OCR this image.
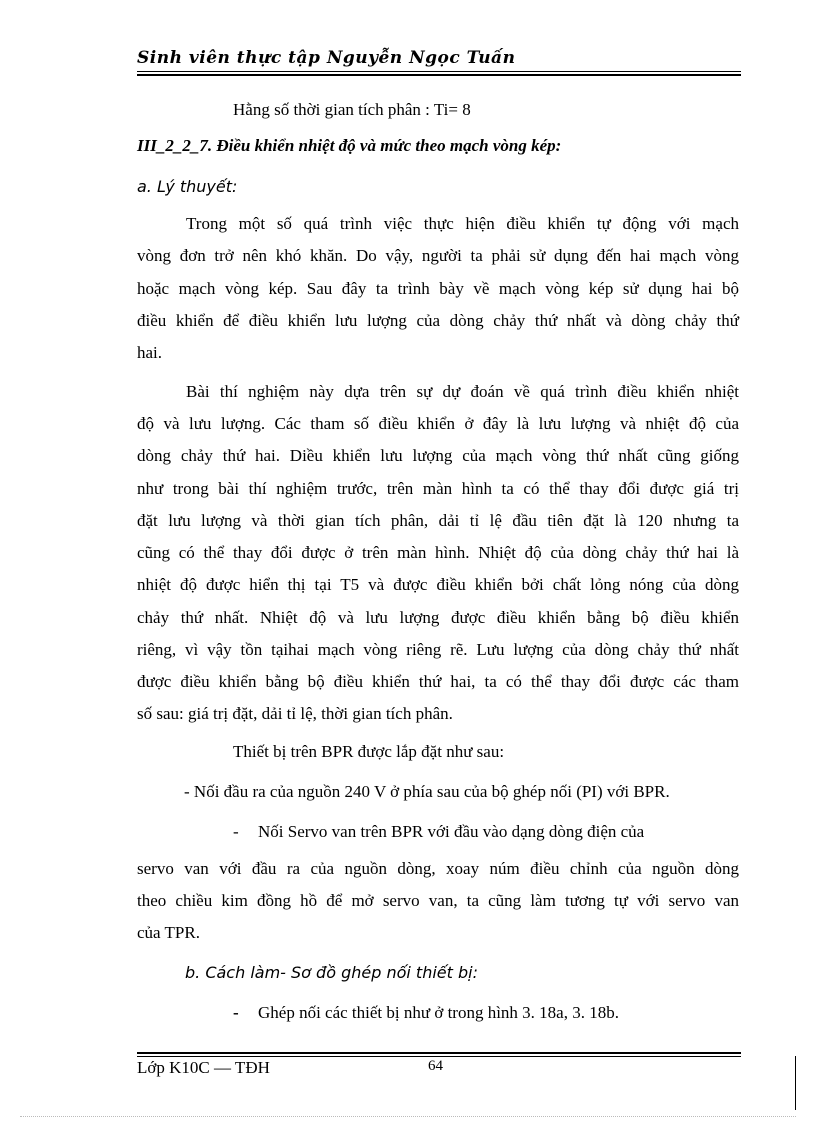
Sinh viên thực tập Nguyễn Ngọc Tuấn
Hằng số thời gian tích phân : Ti= 8
III_2_2_7. Điều khiển nhiệt độ và mức theo mạch vòng kép:
a. Lý thuyết:
Trong một số quá trình việc thực hiện điều khiển tự động với mạch
vòng đơn trở nên khó khăn. Do vậy, người ta phải sử dụng đến hai mạch vòng
hoặc mạch vòng kép. Sau đây ta trình bày về mạch vòng kép sử dụng hai bộ
điều khiển để điều khiển lưu lượng của dòng chảy thứ nhất và dòng chảy thứ
hai.
Bài thí nghiệm này dựa trên sự dự đoán về quá trình điều khiển nhiệt
độ và lưu lượng. Các tham số điều khiển ở đây là lưu lượng và nhiệt độ của
dòng chảy thứ hai. Diều khiển lưu lượng của mạch vòng thứ nhất cũng giống
như trong bài thí nghiệm trước, trên màn hình ta có thể thay đổi được giá trị
đặt lưu lượng và thời gian tích phân, dải tỉ lệ đầu tiên đặt là 120 nhưng ta
cũng có thể thay đổi được ở trên màn hình. Nhiệt độ của dòng chảy thứ hai là
nhiệt độ được hiển thị tại T5 và được điều khiển bởi chất lỏng nóng của dòng
chảy thứ nhất. Nhiệt độ và lưu lượng được điều khiển bằng bộ điều khiển
riêng, vì vậy tồn tạihai mạch vòng riêng rẽ. Lưu lượng của dòng chảy thứ nhất
được điều khiển bằng bộ điều khiển thứ hai, ta có thể thay đổi được các tham
số sau: giá trị đặt, dải tỉ lệ, thời gian tích phân.
Thiết bị trên BPR được lắp đặt như sau:
- Nối đầu ra của nguồn 240 V ở phía sau của bộ ghép nối (PI) với BPR.
- Nối Servo van trên BPR với đầu vào dạng dòng điện của
servo van với đầu ra của nguồn dòng, xoay núm điều chỉnh của nguồn dòng
theo chiều kim đồng hồ để mở servo van, ta cũng làm tương tự với servo van
của TPR.
b. Cách làm- Sơ đồ ghép nối thiết bị:
- Ghép nối các thiết bị như ở trong hình 3. 18a, 3. 18b.
Lớp K10C — TĐH	64
